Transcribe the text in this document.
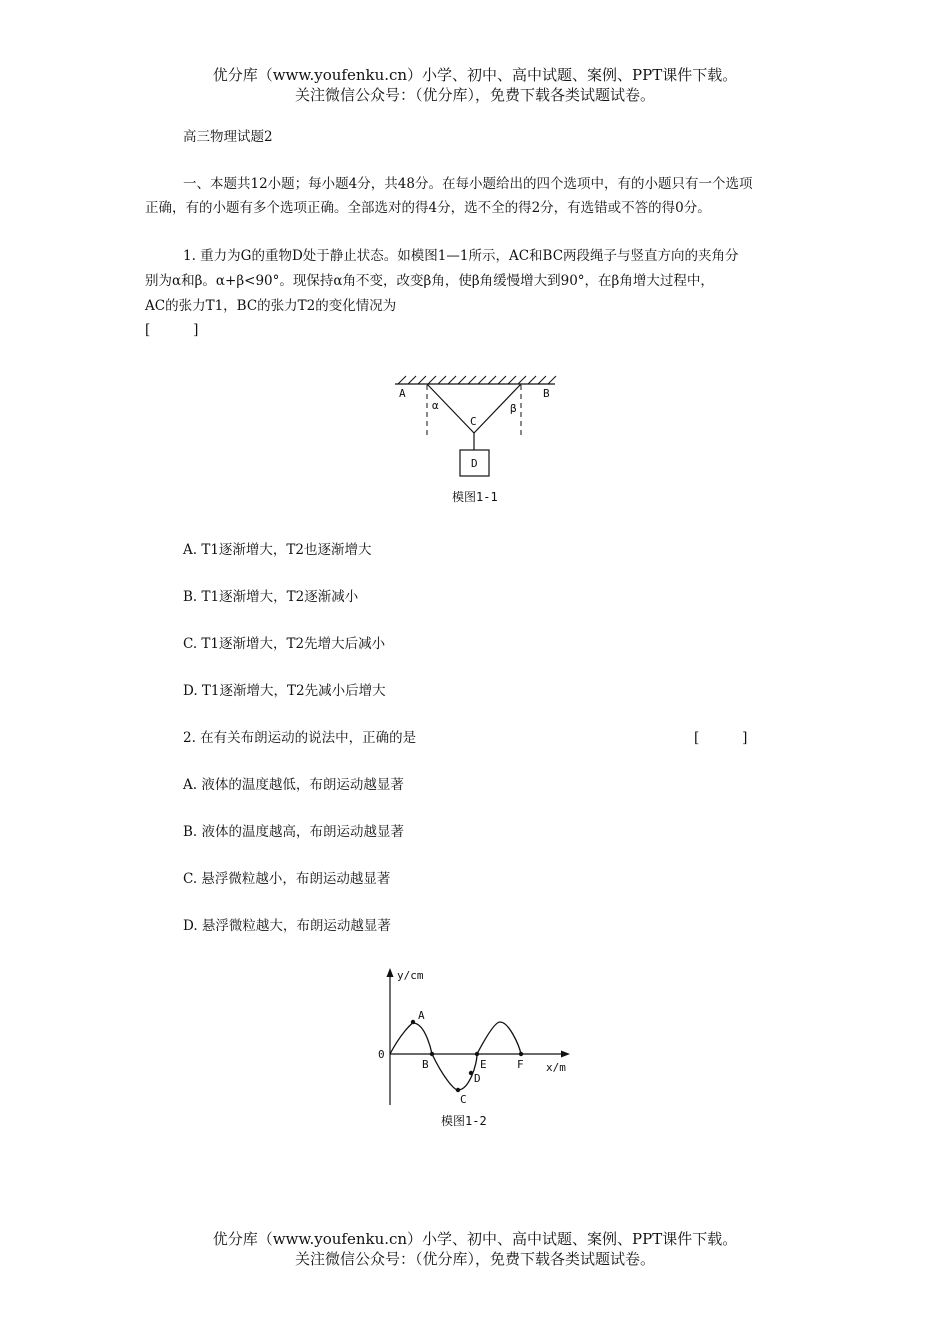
优分库（www.youfenku.cn）小学、初中、高中试题、案例、PPT课件下载。
关注微信公众号：（优分库），免费下载各类试题试卷。
高三物理试题2
一、本题共12小题；每小题4分，共48分。在每小题给出的四个选项中，有的小题只有一个选项
正确，有的小题有多个选项正确。全部选对的得4分，选不全的得2分，有选错或不答的得0分。
1. 重力为G的重物D处于静止状态。如模图1—1所示，AC和BC两段绳子与竖直方向的夹角分
别为α和β。α+β<90°。现保持α角不变，改变β角，使β角缓慢增大到90°，在β角增大过程中，
AC的张力T1，BC的张力T2的变化情况为
[          ]
A	B
C
D
α	β
模图1-1
A. T1逐渐增大，T2也逐渐增大
B. T1逐渐增大，T2逐渐减小
C. T1逐渐增大，T2先增大后减小
D. T1逐渐增大，T2先减小后增大
2. 在有关布朗运动的说法中，正确的是	[          ]
A. 液体的温度越低，布朗运动越显著
B. 液体的温度越高，布朗运动越显著
C. 悬浮微粒越小，布朗运动越显著
D. 悬浮微粒越大，布朗运动越显著
y/cm
x/m
0
A
B
C
D
E	F
模图1-2
优分库（www.youfenku.cn）小学、初中、高中试题、案例、PPT课件下载。
关注微信公众号：（优分库），免费下载各类试题试卷。
